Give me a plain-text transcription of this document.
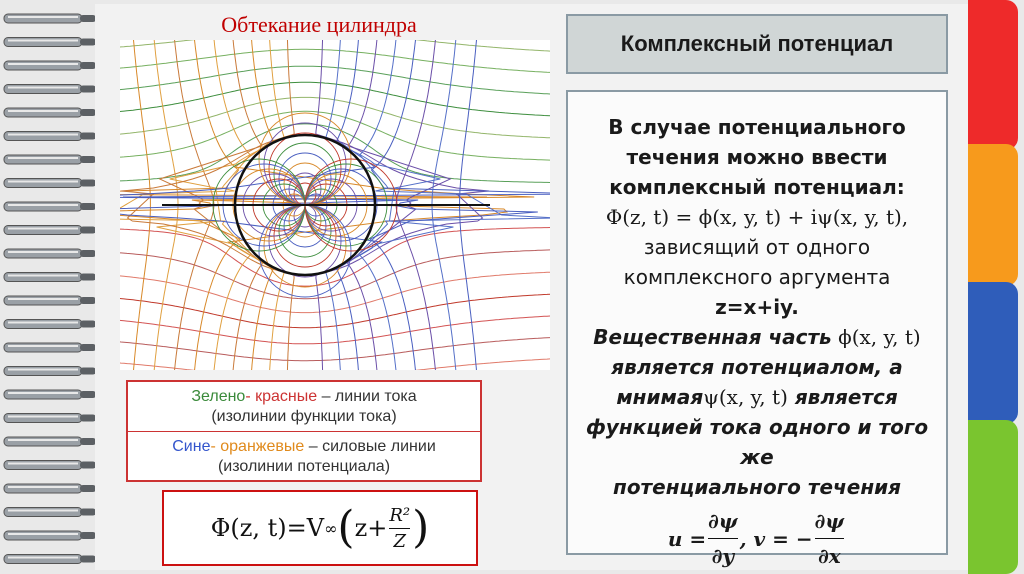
Обтекание цилиндра
Комплексный потенциал
В случае потенциального
течения можно ввести
комплексный потенциал:
Φ(z, t) = ϕ(x, y, t) + iψ(x, y, t),
зависящий от одного
комплексного аргумента
z=x+iy.
Вещественная часть ϕ(x, y, t)
является потенциалом, а
мнимаяψ(x, y, t) является
функцией тока одного и того же
потенциального течения
$u = \frac{\partial\psi}{\partial y}$ , v = − $\frac{\partial\psi}{\partial x}$
Зелено- красные – линии тока
(изолинии функции тока)
Сине- оранжевые – силовые линии
(изолинии потенциала)
Φ(z, t)=V ∞ ( $z+ \frac{\text{R²}}{Z}$ )
